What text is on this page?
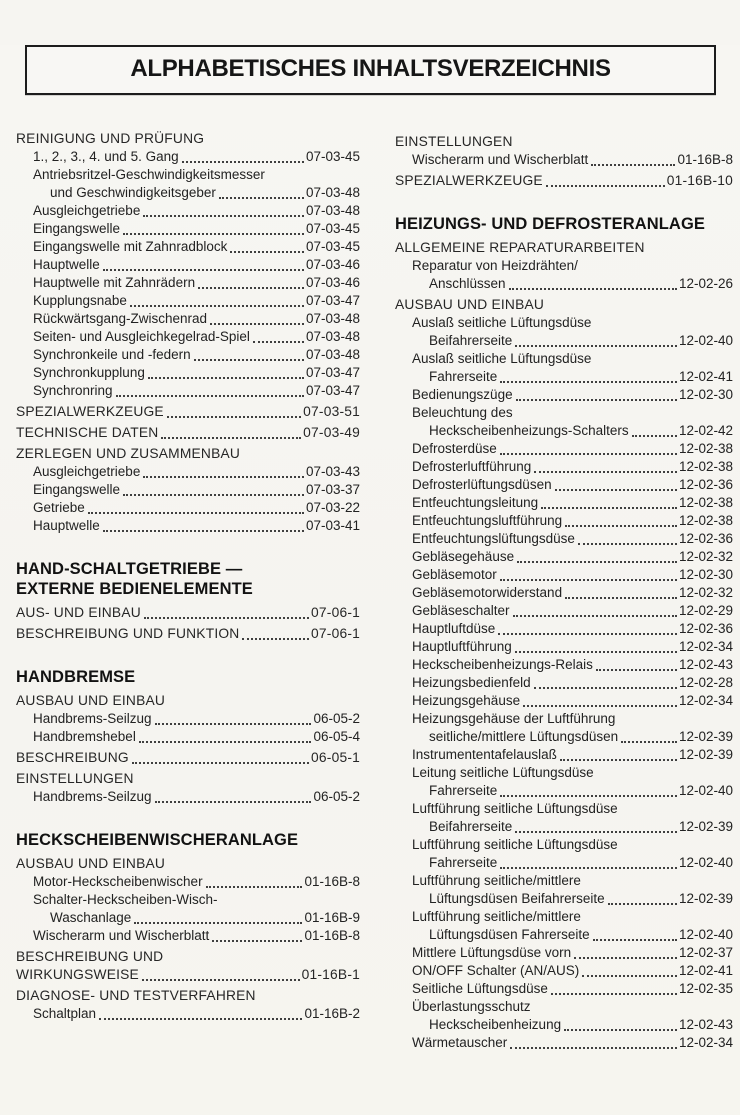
ALPHABETISCHES INHALTSVERZEICHNIS
REINIGUNG UND PRÜFUNG
1., 2., 3., 4. und 5. Gang	07-03-45
Antriebsritzel-Geschwindigkeitsmesser
und Geschwindigkeitsgeber	07-03-48
Ausgleichgetriebe	07-03-48
Eingangswelle	07-03-45
Eingangswelle mit Zahnradblock	07-03-45
Hauptwelle	07-03-46
Hauptwelle mit Zahnrädern	07-03-46
Kupplungsnabe	07-03-47
Rückwärtsgang-Zwischenrad	07-03-48
Seiten- und Ausgleichkegelrad-Spiel	07-03-48
Synchronkeile und -federn	07-03-48
Synchronkupplung	07-03-47
Synchronring	07-03-47
SPEZIALWERKZEUGE	07-03-51
TECHNISCHE DATEN	07-03-49
ZERLEGEN UND ZUSAMMENBAU
Ausgleichgetriebe	07-03-43
Eingangswelle	07-03-37
Getriebe	07-03-22
Hauptwelle	07-03-41
HAND-SCHALTGETRIEBE —
EXTERNE BEDIENELEMENTE
AUS- UND EINBAU	07-06-1
BESCHREIBUNG UND FUNKTION	07-06-1
HANDBREMSE
AUSBAU UND EINBAU
Handbrems-Seilzug	06-05-2
Handbremshebel	06-05-4
BESCHREIBUNG	06-05-1
EINSTELLUNGEN
Handbrems-Seilzug	06-05-2
HECKSCHEIBENWISCHERANLAGE
AUSBAU UND EINBAU
Motor-Heckscheibenwischer	01-16B-8
Schalter-Heckscheiben-Wisch-
Waschanlage	01-16B-9
Wischerarm und Wischerblatt	01-16B-8
BESCHREIBUNG UND
WIRKUNGSWEISE	01-16B-1
DIAGNOSE- UND TESTVERFAHREN
Schaltplan	01-16B-2
EINSTELLUNGEN
Wischerarm und Wischerblatt	01-16B-8
SPEZIALWERKZEUGE	01-16B-10
HEIZUNGS- UND DEFROSTERANLAGE
ALLGEMEINE REPARATURARBEITEN
Reparatur von Heizdrähten/
Anschlüssen	12-02-26
AUSBAU UND EINBAU
Auslaß seitliche Lüftungsdüse
Beifahrerseite	12-02-40
Auslaß seitliche Lüftungsdüse
Fahrerseite	12-02-41
Bedienungszüge	12-02-30
Beleuchtung des
Heckscheibenheizungs-Schalters	12-02-42
Defrosterdüse	12-02-38
Defrosterluftführung	12-02-38
Defrosterlüftungsdüsen	12-02-36
Entfeuchtungsleitung	12-02-38
Entfeuchtungsluftführung	12-02-38
Entfeuchtungslüftungsdüse	12-02-36
Gebläsegehäuse	12-02-32
Gebläsemotor	12-02-30
Gebläsemotorwiderstand	12-02-32
Gebläseschalter	12-02-29
Hauptluftdüse	12-02-36
Hauptluftführung	12-02-34
Heckscheibenheizungs-Relais	12-02-43
Heizungsbedienfeld	12-02-28
Heizungsgehäuse	12-02-34
Heizungsgehäuse der Luftführung
seitliche/mittlere Lüftungsdüsen	12-02-39
Instrumententafelauslaß	12-02-39
Leitung seitliche Lüftungsdüse
Fahrerseite	12-02-40
Luftführung seitliche Lüftungsdüse
Beifahrerseite	12-02-39
Luftführung seitliche Lüftungsdüse
Fahrerseite	12-02-40
Luftführung seitliche/mittlere
Lüftungsdüsen Beifahrerseite	12-02-39
Luftführung seitliche/mittlere
Lüftungsdüsen Fahrerseite	12-02-40
Mittlere Lüftungsdüse vorn	12-02-37
ON/OFF Schalter (AN/AUS)	12-02-41
Seitliche Lüftungsdüse	12-02-35
Überlastungsschutz
Heckscheibenheizung	12-02-43
Wärmetauscher	12-02-34
